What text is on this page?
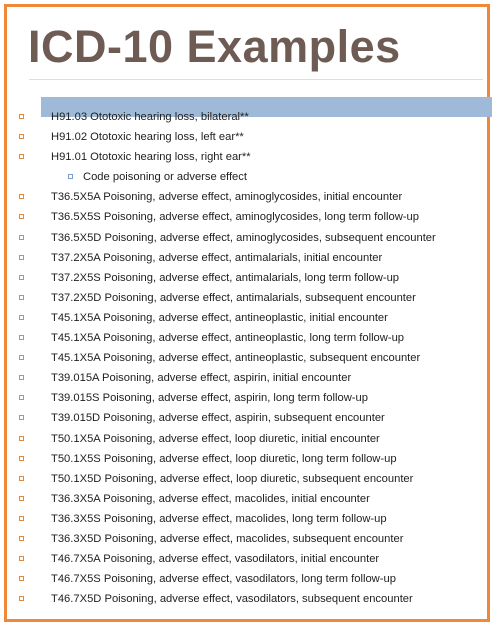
ICD-10 Examples
H91.03 Ototoxic hearing loss, bilateral**
H91.02 Ototoxic hearing loss, left ear**
H91.01 Ototoxic hearing loss, right ear**
Code poisoning or adverse effect
T36.5X5A Poisoning, adverse effect, aminoglycosides, initial encounter
T36.5X5S Poisoning, adverse effect, aminoglycosides, long term follow-up
T36.5X5D Poisoning, adverse effect, aminoglycosides, subsequent encounter
T37.2X5A Poisoning, adverse effect, antimalarials, initial encounter
T37.2X5S Poisoning, adverse effect, antimalarials, long term follow-up
T37.2X5D Poisoning, adverse effect, antimalarials, subsequent encounter
T45.1X5A Poisoning, adverse effect, antineoplastic, initial encounter
T45.1X5A Poisoning, adverse effect, antineoplastic, long term follow-up
T45.1X5A Poisoning, adverse effect, antineoplastic, subsequent encounter
T39.015A Poisoning, adverse effect, aspirin, initial encounter
T39.015S Poisoning, adverse effect, aspirin, long term follow-up
T39.015D Poisoning, adverse effect, aspirin, subsequent encounter
T50.1X5A Poisoning, adverse effect, loop diuretic, initial encounter
T50.1X5S Poisoning, adverse effect, loop diuretic, long term follow-up
T50.1X5D Poisoning, adverse effect, loop diuretic, subsequent encounter
T36.3X5A Poisoning, adverse effect, macolides, initial encounter
T36.3X5S Poisoning, adverse effect, macolides, long term follow-up
T36.3X5D Poisoning, adverse effect, macolides, subsequent encounter
T46.7X5A Poisoning, adverse effect, vasodilators, initial encounter
T46.7X5S Poisoning, adverse effect, vasodilators, long term follow-up
T46.7X5D Poisoning, adverse effect, vasodilators, subsequent encounter
